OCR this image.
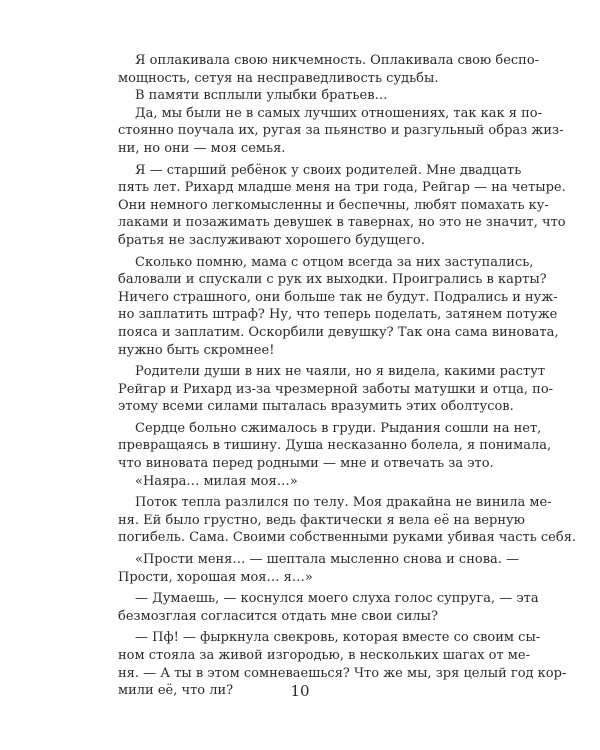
Я оплакивала свою никчемность. Оплакивала свою беспо-
мощность, сетуя на несправедливость судьбы.
В памяти всплыли улыбки братьев…
Да, мы были не в самых лучших отношениях, так как я по-
стоянно поучала их, ругая за пьянство и разгульный образ жиз-
ни, но они — моя семья.
Я — старший ребёнок у своих родителей. Мне двадцать
пять лет. Рихард младше меня на три года, Рейгар — на четыре.
Они немного легкомысленны и беспечны, любят помахать ку-
лаками и позажимать девушек в тавернах, но это не значит, что
братья не заслуживают хорошего будущего.
Сколько помню, мама с отцом всегда за них заступались,
баловали и спускали с рук их выходки. Проигрались в карты?
Ничего страшного, они больше так не будут. Подрались и нуж-
но заплатить штраф? Ну, что теперь поделать, затянем потуже
пояса и заплатим. Оскорбили девушку? Так она сама виновата,
нужно быть скромнее!
Родители души в них не чаяли, но я видела, какими растут
Рейгар и Рихард из-за чрезмерной заботы матушки и отца, по-
этому всеми силами пыталась вразумить этих оболтусов.
Сердце больно сжималось в груди. Рыдания сошли на нет,
превращаясь в тишину. Душа несказанно болела, я понимала,
что виновата перед родными — мне и отвечать за это.
«Наяра… милая моя…»
Поток тепла разлился по телу. Моя дракайна не винила ме-
ня. Ей было грустно, ведь фактически я вела её на верную
погибель. Сама. Своими собственными руками убивая часть себя.
«Прости меня… — шептала мысленно снова и снова. —
Прости, хорошая моя… я…»
— Думаешь, — коснулся моего слуха голос супруга, — эта
безмозглая согласится отдать мне свои силы?
— Пф! — фыркнула свекровь, которая вместе со своим сы-
ном стояла за живой изгородью, в нескольких шагах от ме-
ня. — А ты в этом сомневаешься? Что же мы, зря целый год кор-
мили её, что ли?	10
